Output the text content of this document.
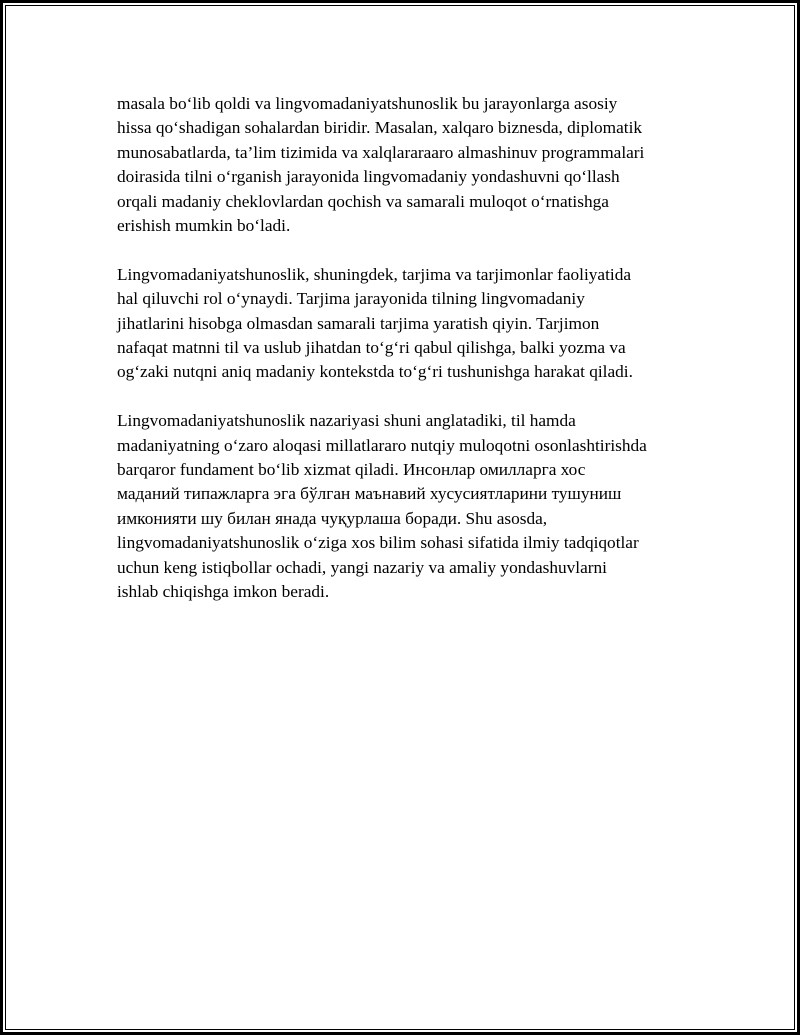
masala bo‘lib qoldi va lingvomadaniyatshunoslik bu jarayonlarga asosiy
hissa qo‘shadigan sohalardan biridir. Masalan, xalqaro biznesda, diplomatik
munosabatlarda, ta’lim tizimida va xalqlararaaro almashinuv programmalari
doirasida tilni o‘rganish jarayonida lingvomadaniy yondashuvni qo‘llash
orqali madaniy cheklovlardan qochish va samarali muloqot o‘rnatishga
erishish mumkin bo‘ladi.

Lingvomadaniyatshunoslik, shuningdek, tarjima va tarjimonlar faoliyatida
hal qiluvchi rol o‘ynaydi. Tarjima jarayonida tilning lingvomadaniy
jihatlarini hisobga olmasdan samarali tarjima yaratish qiyin. Tarjimon
nafaqat matnni til va uslub jihatdan to‘g‘ri qabul qilishga, balki yozma va
og‘zaki nutqni aniq madaniy kontekstda to‘g‘ri tushunishga harakat qiladi.

Lingvomadaniyatshunoslik nazariyasi shuni anglatadiki, til hamda
madaniyatning o‘zaro aloqasi millatlararo nutqiy muloqotni osonlashtirishda
barqaror fundament bo‘lib xizmat qiladi. Инсонлар омилларга хос
маданий типажларга эга бўлган маънавий хусусиятларини тушуниш
имконияти шу билан янада чуқурлаша боради. Shu asosda,
lingvomadaniyatshunoslik o‘ziga xos bilim sohasi sifatida ilmiy tadqiqotlar
uchun keng istiqbollar ochadi, yangi nazariy va amaliy yondashuvlarni
ishlab chiqishga imkon beradi.
